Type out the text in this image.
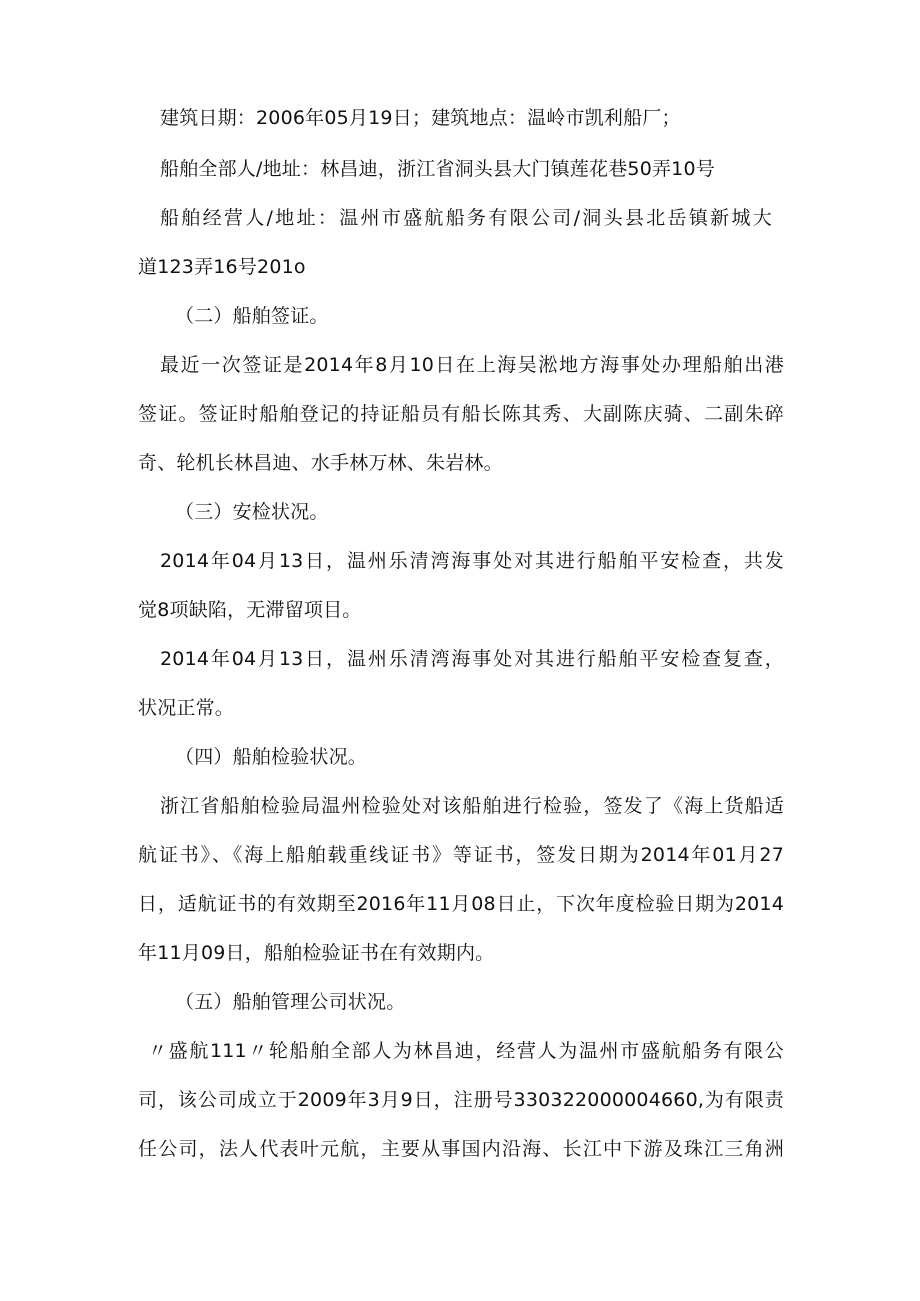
建筑日期：2006年05月19日；建筑地点：温岭市凯利船厂；
船舶全部人/地址：林昌迪，浙江省洞头县大门镇莲花巷50弄10号
船舶经营人/地址：温州市盛航船务有限公司/洞头县北岳镇新城大
道123弄16号201o
（二）船舶签证。
最近一次签证是2014年8月10日在上海吴淞地方海事处办理船舶出港
签证。签证时船舶登记的持证船员有船长陈其秀、大副陈庆骑、二副朱碎
奇、轮机长林昌迪、水手林万林、朱岩林。
（三）安检状况。
2014年04月13日，温州乐清湾海事处对其进行船舶平安检查，共发
觉8项缺陷，无滞留项目。
2014年04月13日，温州乐清湾海事处对其进行船舶平安检查复查，
状况正常。
（四）船舶检验状况。
浙江省船舶检验局温州检验处对该船舶进行检验，签发了《海上货船适
航证书》、《海上船舶载重线证书》等证书，签发日期为2014年01月27
日，适航证书的有效期至2016年11月08日止，下次年度检验日期为2014
年11月09日，船舶检验证书在有效期内。
（五）船舶管理公司状况。
〃盛航111〃轮船舶全部人为林昌迪，经营人为温州市盛航船务有限公
司，该公司成立于2009年3月9日，注册号330322000004660,为有限责
任公司，法人代表叶元航，主要从事国内沿海、长江中下游及珠江三角洲
